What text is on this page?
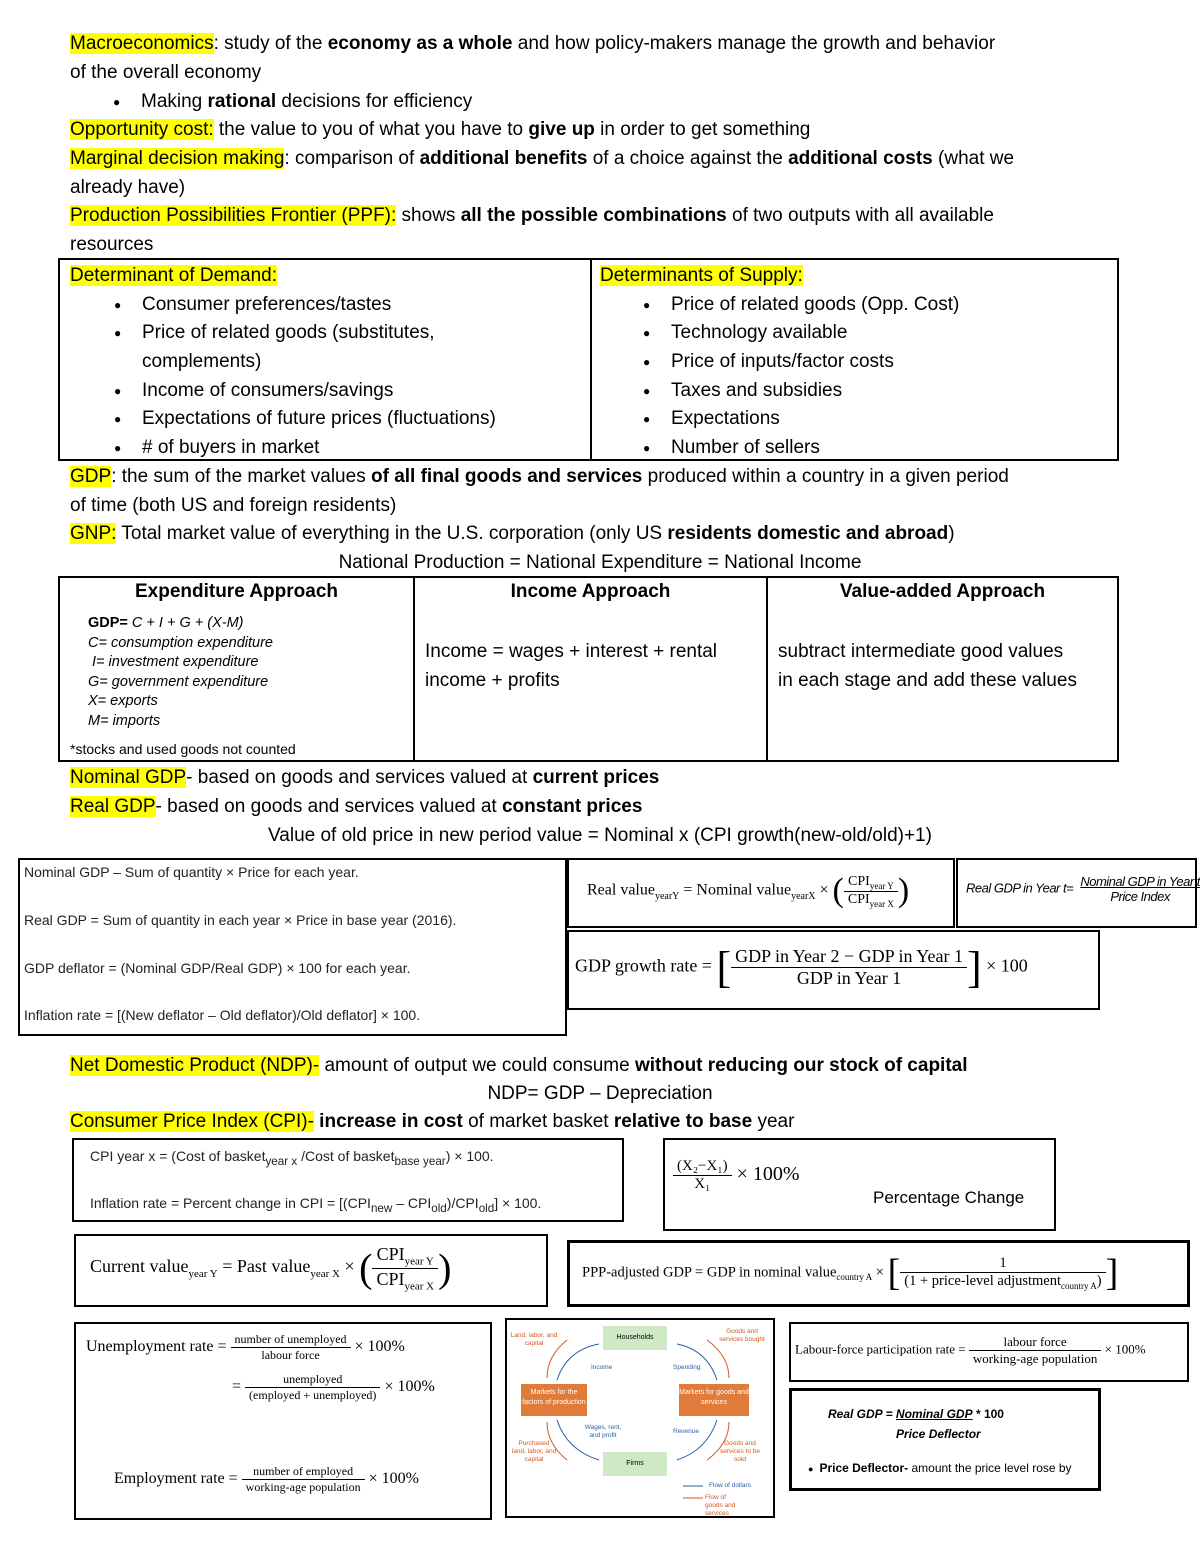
Macroeconomics: study of the economy as a whole and how policy-makers manage the growth and behavior
of the overall economy
● Making rational decisions for efficiency
Opportunity cost: the value to you of what you have to give up in order to get something
Marginal decision making: comparison of additional benefits of a choice against the additional costs (what we
already have)
Production Possibilities Frontier (PPF): shows all the possible combinations of two outputs with all available
resources
Determinant of Demand:
● Consumer preferences/tastes
● Price of related goods (substitutes,
complements)
● Income of consumers/savings
● Expectations of future prices (fluctuations)
● # of buyers in market
Determinants of Supply:
● Price of related goods (Opp. Cost)
● Technology available
● Price of inputs/factor costs
● Taxes and subsidies
● Expectations
● Number of sellers
GDP: the sum of the market values of all final goods and services produced within a country in a given period
of time (both US and foreign residents)
GNP: Total market value of everything in the U.S. corporation (only US residents domestic and abroad)
National Production = National Expenditure = National Income
Expenditure Approach
GDP= C + I + G + (X-M)
C= consumption expenditure
I= investment expenditure
G= government expenditure
X= exports
M= imports
*stocks and used goods not counted
Income Approach
Income = wages + interest + rental
income + profits
Value-added Approach
subtract intermediate good values
in each stage and add these values
Nominal GDP- based on goods and services valued at current prices
Real GDP- based on goods and services valued at constant prices
Value of old price in new period value = Nominal x (CPI growth(new-old/old)+1)
Nominal GDP – Sum of quantity × Price for each year.
Real GDP = Sum of quantity in each year × Price in base year (2016).
GDP deflator = (Nominal GDP/Real GDP) × 100 for each year.
Inflation rate = [(New deflator – Old deflator)/Old deflator] × 100.
Real value$_{yearY}$ = Nominal value$_{yearX}$ × ( $\frac{CPI_{year Y}}{CPI_{year X}}$ )	Real GDP in Year $t= \frac{\text{Nominal GDP in Year t}}{\text{Price Index}}$
GDP growth rate = [ $\frac{\text{GDP in Year 2 − GDP in Year 1}}{\text{GDP in Year 1}}$ ] × 100
Net Domestic Product (NDP)- amount of output we could consume without reducing our stock of capital
NDP= GDP – Depreciation
Consumer Price Index (CPI)- increase in cost of market basket relative to base year
CPI year x = (Cost of basket$_{year x}$ /Cost of basket$_{base year}$) × 100.
Inflation rate = Percent change in CPI = $[(CPI_{new} - CPI_{old})/CPI_{old}] \times 100$.
$\frac{\text{(X₂−X₁)}}{\text{X₁}} \times 100\%$
Percentage Change
Current value$_{year Y}$ = Past value$_{year X}$ × ( $\frac{CPI_{year Y}}{CPI_{year X}}$ )	PPP-adjusted GDP = GDP in nominal value$_{country A}$ × [ $\frac{1}{(1 + price-level adjustment_{country A})}$ ]
Unemployment rate = $\frac{\text{number of unemployed}}{\text{labour force}} \times 100\%$
= $\frac{\text{unemployed}}{\text{(employed + unemployed)}} \times 100\%$
Employment rate = $\frac{\text{number of employed}}{\text{working-age population}} \times 100\%$
Households
Firms
Markets for the factors of production
Markets for goods and services
Land, labor, and capital
Goods and services bought
Income	Spending
Wages, rent, and profit
Revenue
Purchased land, labor, and capital
Goods and services to be sold
Flow of dollars
Flow of goods and services
Labour-force participation rate = $\frac{\text{labour force}}{\text{working-age population}} \times 100\%$
Real GDP = Nominal GDP * 100
Price Deflector
● Price Deflector- amount the price level rose by
